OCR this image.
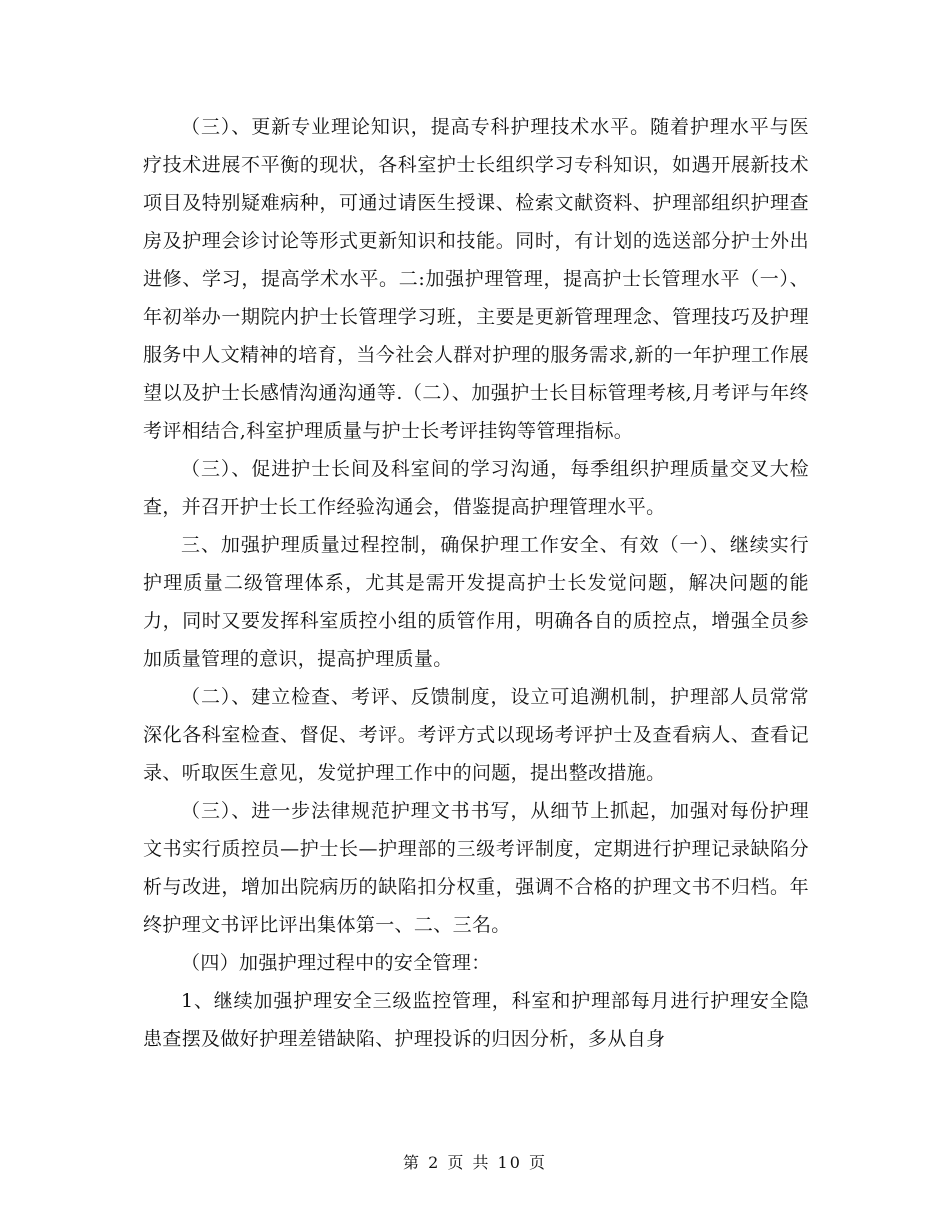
（三）、更新专业理论知识，提高专科护理技术水平。随着护理水平与医疗技术进展不平衡的现状，各科室护士长组织学习专科知识，如遇开展新技术项目及特别疑难病种，可通过请医生授课、检索文献资料、护理部组织护理查房及护理会诊讨论等形式更新知识和技能。同时，有计划的选送部分护士外出进修、学习，提高学术水平。二:加强护理管理，提高护士长管理水平（一）、年初举办一期院内护士长管理学习班，主要是更新管理理念、管理技巧及护理服务中人文精神的培育，当今社会人群对护理的服务需求,新的一年护理工作展望以及护士长感情沟通沟通等.（二）、加强护士长目标管理考核,月考评与年终考评相结合,科室护理质量与护士长考评挂钩等管理指标。

（三）、促进护士长间及科室间的学习沟通，每季组织护理质量交叉大检查，并召开护士长工作经验沟通会，借鉴提高护理管理水平。

三、加强护理质量过程控制，确保护理工作安全、有效（一）、继续实行护理质量二级管理体系，尤其是需开发提高护士长发觉问题，解决问题的能力，同时又要发挥科室质控小组的质管作用，明确各自的质控点，增强全员参加质量管理的意识，提高护理质量。

（二）、建立检查、考评、反馈制度，设立可追溯机制，护理部人员常常深化各科室检查、督促、考评。考评方式以现场考评护士及查看病人、查看记录、听取医生意见，发觉护理工作中的问题，提出整改措施。

（三）、进一步法律规范护理文书书写，从细节上抓起，加强对每份护理文书实行质控员—护士长—护理部的三级考评制度，定期进行护理记录缺陷分析与改进，增加出院病历的缺陷扣分权重，强调不合格的护理文书不归档。年终护理文书评比评出集体第一、二、三名。

（四）加强护理过程中的安全管理：

1、继续加强护理安全三级监控管理，科室和护理部每月进行护理安全隐患查摆及做好护理差错缺陷、护理投诉的归因分析，多从自身

第 2 页 共 10 页
